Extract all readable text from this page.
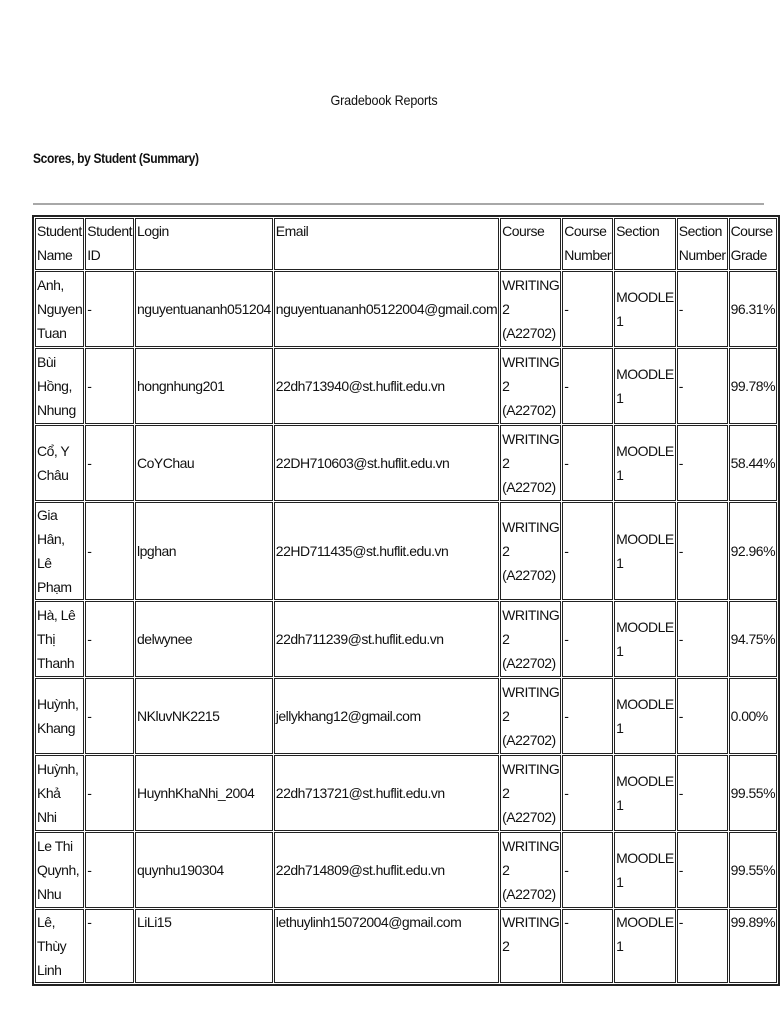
Gradebook Reports
Scores, by Student (Summary)
Student Name	Student ID	Login	Email	Course	Course Number	Section	Section Number	Course Grade
Anh, Nguyen Tuan	-	nguyentuananh051204	nguyentuananh05122004@gmail.com	WRITING 2 (A22702)	-	MOODLE 1	-	96.31%
Bùi Hồng, Nhung	-	hongnhung201	22dh713940@st.huflit.edu.vn	WRITING 2 (A22702)	-	MOODLE 1	-	99.78%
Cổ, Y Châu	-	CoYChau	22DH710603@st.huflit.edu.vn	WRITING 2 (A22702)	-	MOODLE 1	-	58.44%
Gia Hân, Lê Phạm	-	lpghan	22HD711435@st.huflit.edu.vn	WRITING 2 (A22702)	-	MOODLE 1	-	92.96%
Hà, Lê Thị Thanh	-	delwynee	22dh711239@st.huflit.edu.vn	WRITING 2 (A22702)	-	MOODLE 1	-	94.75%
Huỳnh, Khang	-	NKluvNK2215	jellykhang12@gmail.com	WRITING 2 (A22702)	-	MOODLE 1	-	0.00%
Huỳnh, Khả Nhi	-	HuynhKhaNhi_2004	22dh713721@st.huflit.edu.vn	WRITING 2 (A22702)	-	MOODLE 1	-	99.55%
Le Thi Quynh, Nhu	-	quynhu190304	22dh714809@st.huflit.edu.vn	WRITING 2 (A22702)	-	MOODLE 1	-	99.55%
Lê, Thùy Linh	-	LiLi15	lethuylinh15072004@gmail.com	WRITING 2	-	MOODLE 1	-	99.89%
